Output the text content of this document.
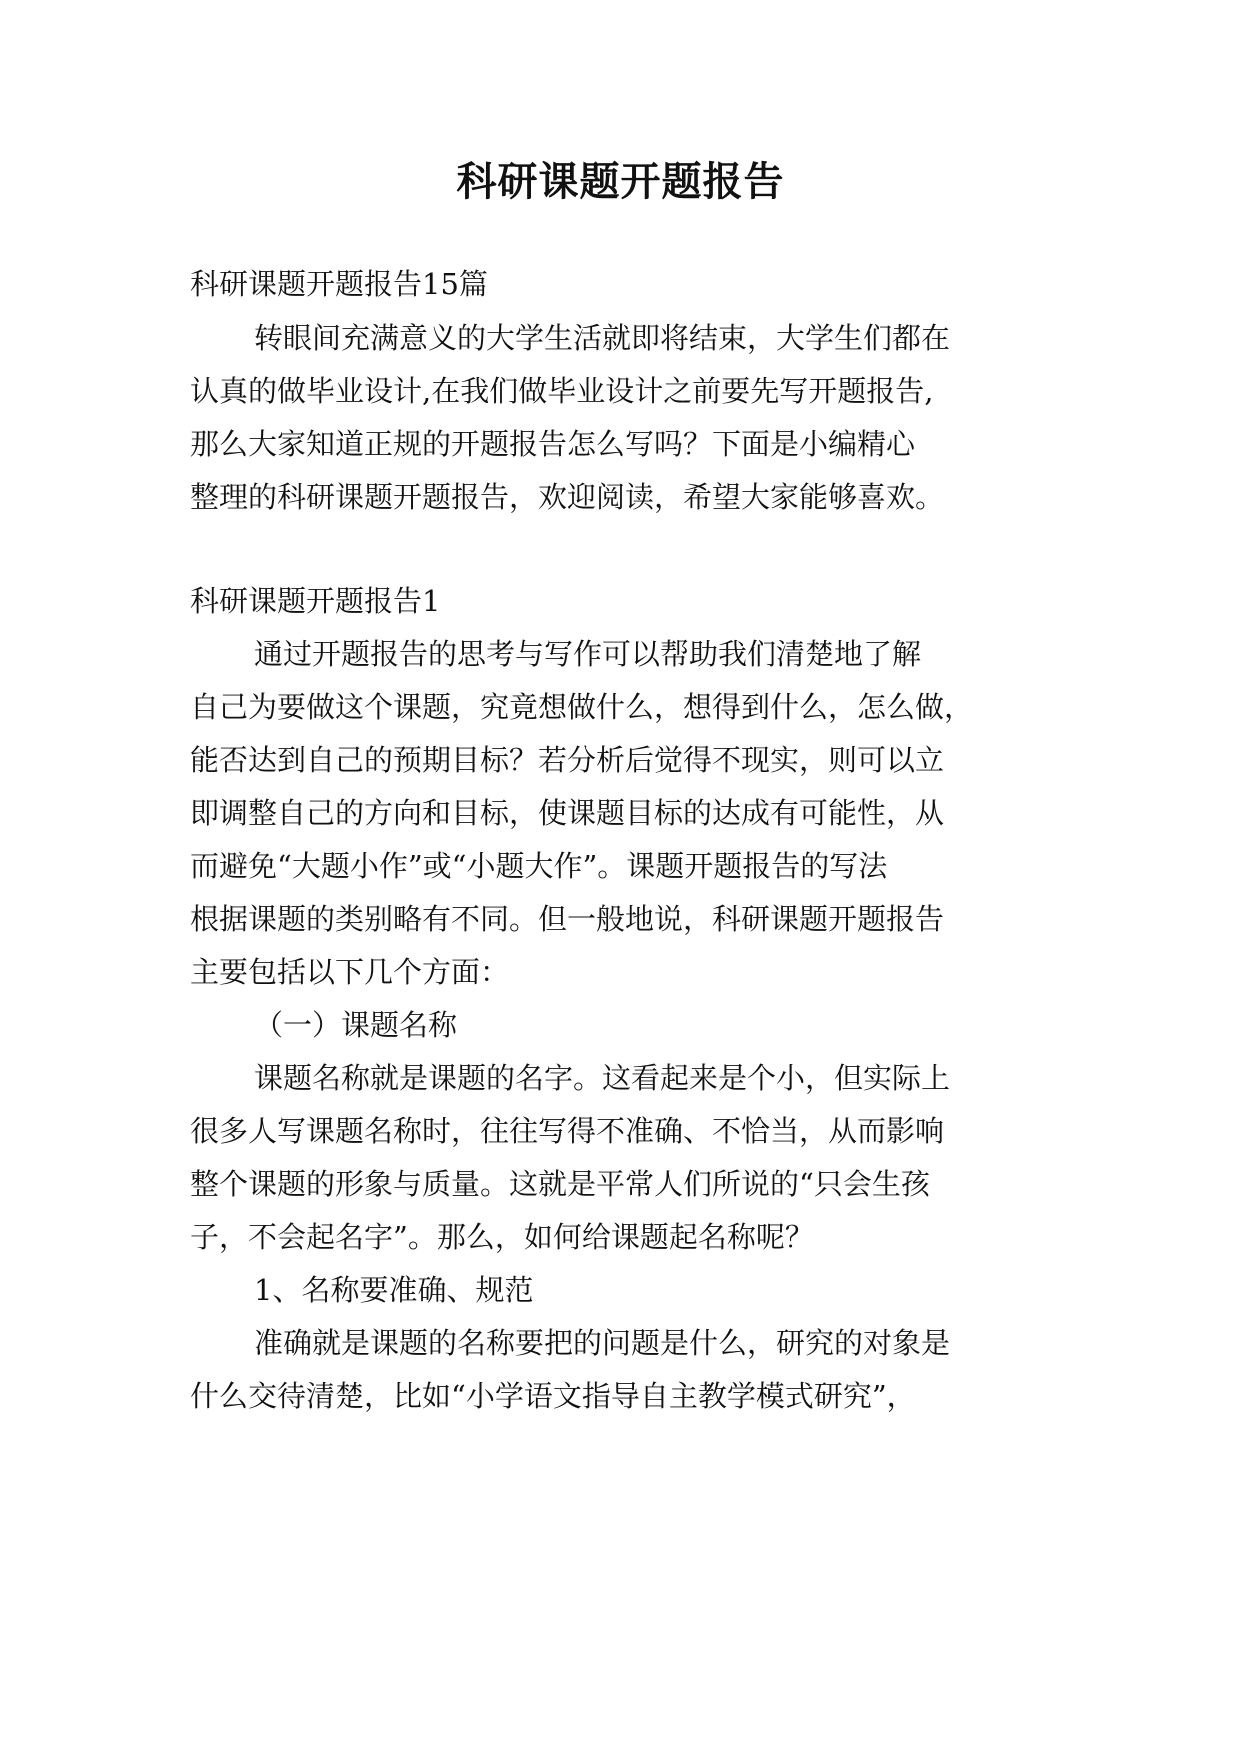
科研课题开题报告

科研课题开题报告15篇

转眼间充满意义的大学生活就即将结束，大学生们都在

认真的做毕业设计,在我们做毕业设计之前要先写开题报告,

那么大家知道正规的开题报告怎么写吗？下面是小编精心

整理的科研课题开题报告，欢迎阅读，希望大家能够喜欢。

科研课题开题报告1

通过开题报告的思考与写作可以帮助我们清楚地了解

自己为要做这个课题，究竟想做什么，想得到什么，怎么做，

能否达到自己的预期目标？若分析后觉得不现实，则可以立

即调整自己的方向和目标，使课题目标的达成有可能性，从

而避免“大题小作”或“小题大作”。课题开题报告的写法

根据课题的类别略有不同。但一般地说，科研课题开题报告

主要包括以下几个方面：

（一）课题名称

课题名称就是课题的名字。这看起来是个小，但实际上

很多人写课题名称时，往往写得不准确、不恰当，从而影响

整个课题的形象与质量。这就是平常人们所说的“只会生孩

子，不会起名字”。那么，如何给课题起名称呢？

1、名称要准确、规范

准确就是课题的名称要把的问题是什么，研究的对象是

什么交待清楚，比如“小学语文指导自主教学模式研究”，
